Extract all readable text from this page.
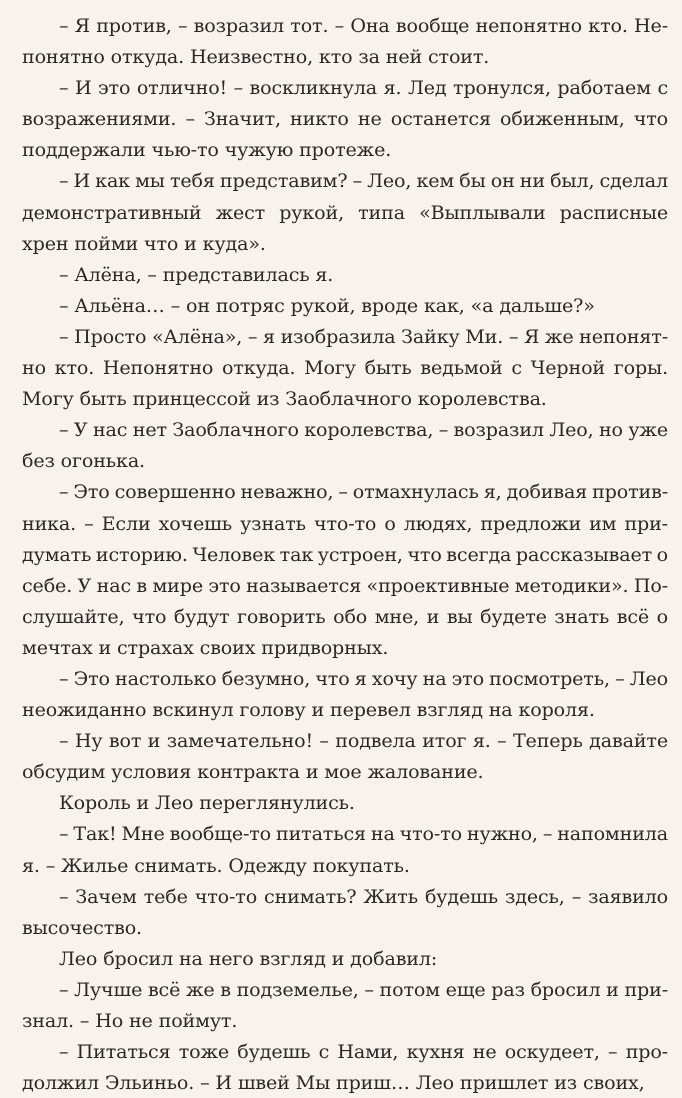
– Я против, – возразил тот. – Она вообще непонятно кто. Не-
понятно откуда. Неизвестно, кто за ней стоит.
– И это отлично! – воскликнула я. Лед тронулся, работаем с
возражениями. – Значит, никто не останется обиженным, что
поддержали чью-то чужую протеже.
– И как мы тебя представим? – Лео, кем бы он ни был, сделал
демонстративный жест рукой, типа «Выплывали расписные
хрен пойми что и куда».
– Алёна, – представилась я.
– Альёна… – он потряс рукой, вроде как, «а дальше?»
– Просто «Алёна», – я изобразила Зайку Ми. – Я же непонят-
но кто. Непонятно откуда. Могу быть ведьмой с Черной горы.
Могу быть принцессой из Заоблачного королевства.
– У нас нет Заоблачного королевства, – возразил Лео, но уже
без огонька.
– Это совершенно неважно, – отмахнулась я, добивая против-
ника. – Если хочешь узнать что-то о людях, предложи им при-
думать историю. Человек так устроен, что всегда рассказывает о
себе. У нас в мире это называется «проективные методики». По-
слушайте, что будут говорить обо мне, и вы будете знать всё о
мечтах и страхах своих придворных.
– Это настолько безумно, что я хочу на это посмотреть, – Лео
неожиданно вскинул голову и перевел взгляд на короля.
– Ну вот и замечательно! – подвела итог я. – Теперь давайте
обсудим условия контракта и мое жалование.
Король и Лео переглянулись.
– Так! Мне вообще-то питаться на что-то нужно, – напомнила
я. – Жилье снимать. Одежду покупать.
– Зачем тебе что-то снимать? Жить будешь здесь, – заявило
высочество.
Лео бросил на него взгляд и добавил:
– Лучше всё же в подземелье, – потом еще раз бросил и при-
знал. – Но не поймут.
– Питаться тоже будешь с Нами, кухня не оскудеет, – про-
должил Эльиньо. – И швей Мы приш… Лео пришлет из своих,
